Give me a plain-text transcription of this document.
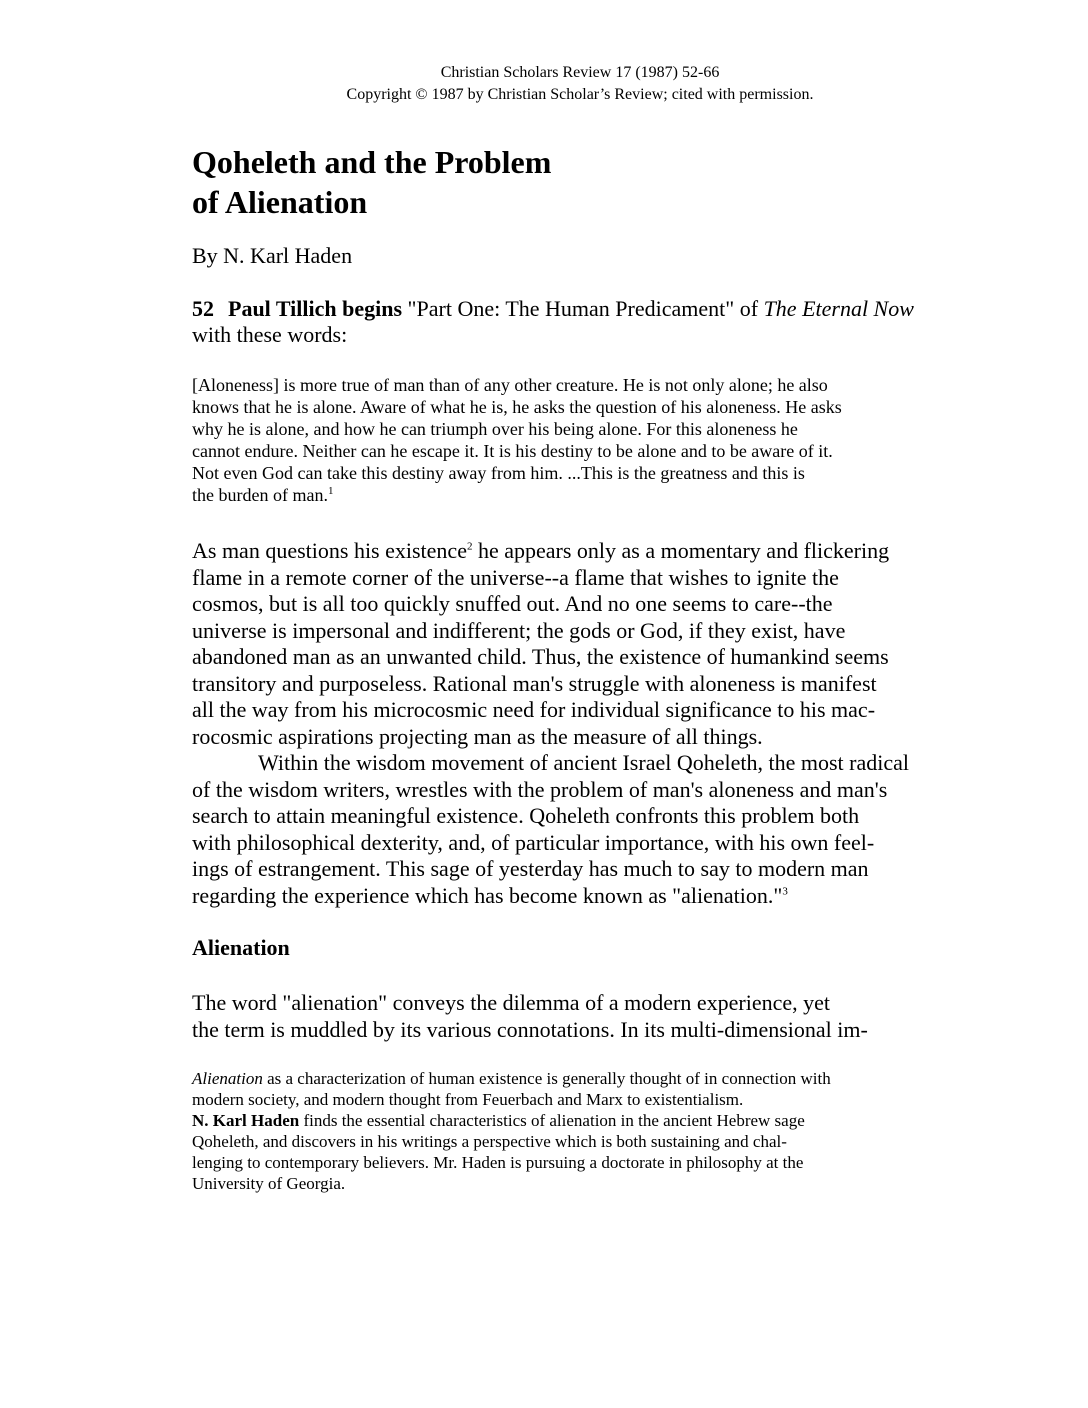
Christian Scholars Review 17 (1987) 52-66
Copyright © 1987 by Christian Scholar’s Review; cited with permission.
Qoheleth and the Problem
of Alienation
By N. Karl Haden
52 Paul Tillich begins "Part One: The Human Predicament" of The Eternal Now
with these words:
[Aloneness] is more true of man than of any other creature. He is not only alone; he also
knows that he is alone. Aware of what he is, he asks the question of his aloneness. He asks
why he is alone, and how he can triumph over his being alone. For this aloneness he
cannot endure. Neither can he escape it. It is his destiny to be alone and to be aware of it.
Not even God can take this destiny away from him. ...This is the greatness and this is
the burden of man.$^1$

As man questions his existence$^2$ he appears only as a momentary and flickering
flame in a remote corner of the universe--a flame that wishes to ignite the
cosmos, but is all too quickly snuffed out. And no one seems to care--the
universe is impersonal and indifferent; the gods or God, if they exist, have
abandoned man as an unwanted child. Thus, the existence of humankind seems
transitory and purposeless. Rational man's struggle with aloneness is manifest
all the way from his microcosmic need for individual significance to his mac-
rocosmic aspirations projecting man as the measure of all things.

Within the wisdom movement of ancient Israel Qoheleth, the most radical
of the wisdom writers, wrestles with the problem of man's aloneness and man's
search to attain meaningful existence. Qoheleth confronts this problem both
with philosophical dexterity, and, of particular importance, with his own feel-
ings of estrangement. This sage of yesterday has much to say to modern man
regarding the experience which has become known as "alienation."$^3$

Alienation

The word "alienation" conveys the dilemma of a modern experience, yet
the term is muddled by its various connotations. In its multi-dimensional im-

Alienation as a characterization of human existence is generally thought of in connection with
modern society, and modern thought from Feuerbach and Marx to existentialism.

N. Karl Haden finds the essential characteristics of alienation in the ancient Hebrew sage
Qoheleth, and discovers in his writings a perspective which is both sustaining and chal-
lenging to contemporary believers. Mr. Haden is pursuing a doctorate in philosophy at the
University of Georgia.
